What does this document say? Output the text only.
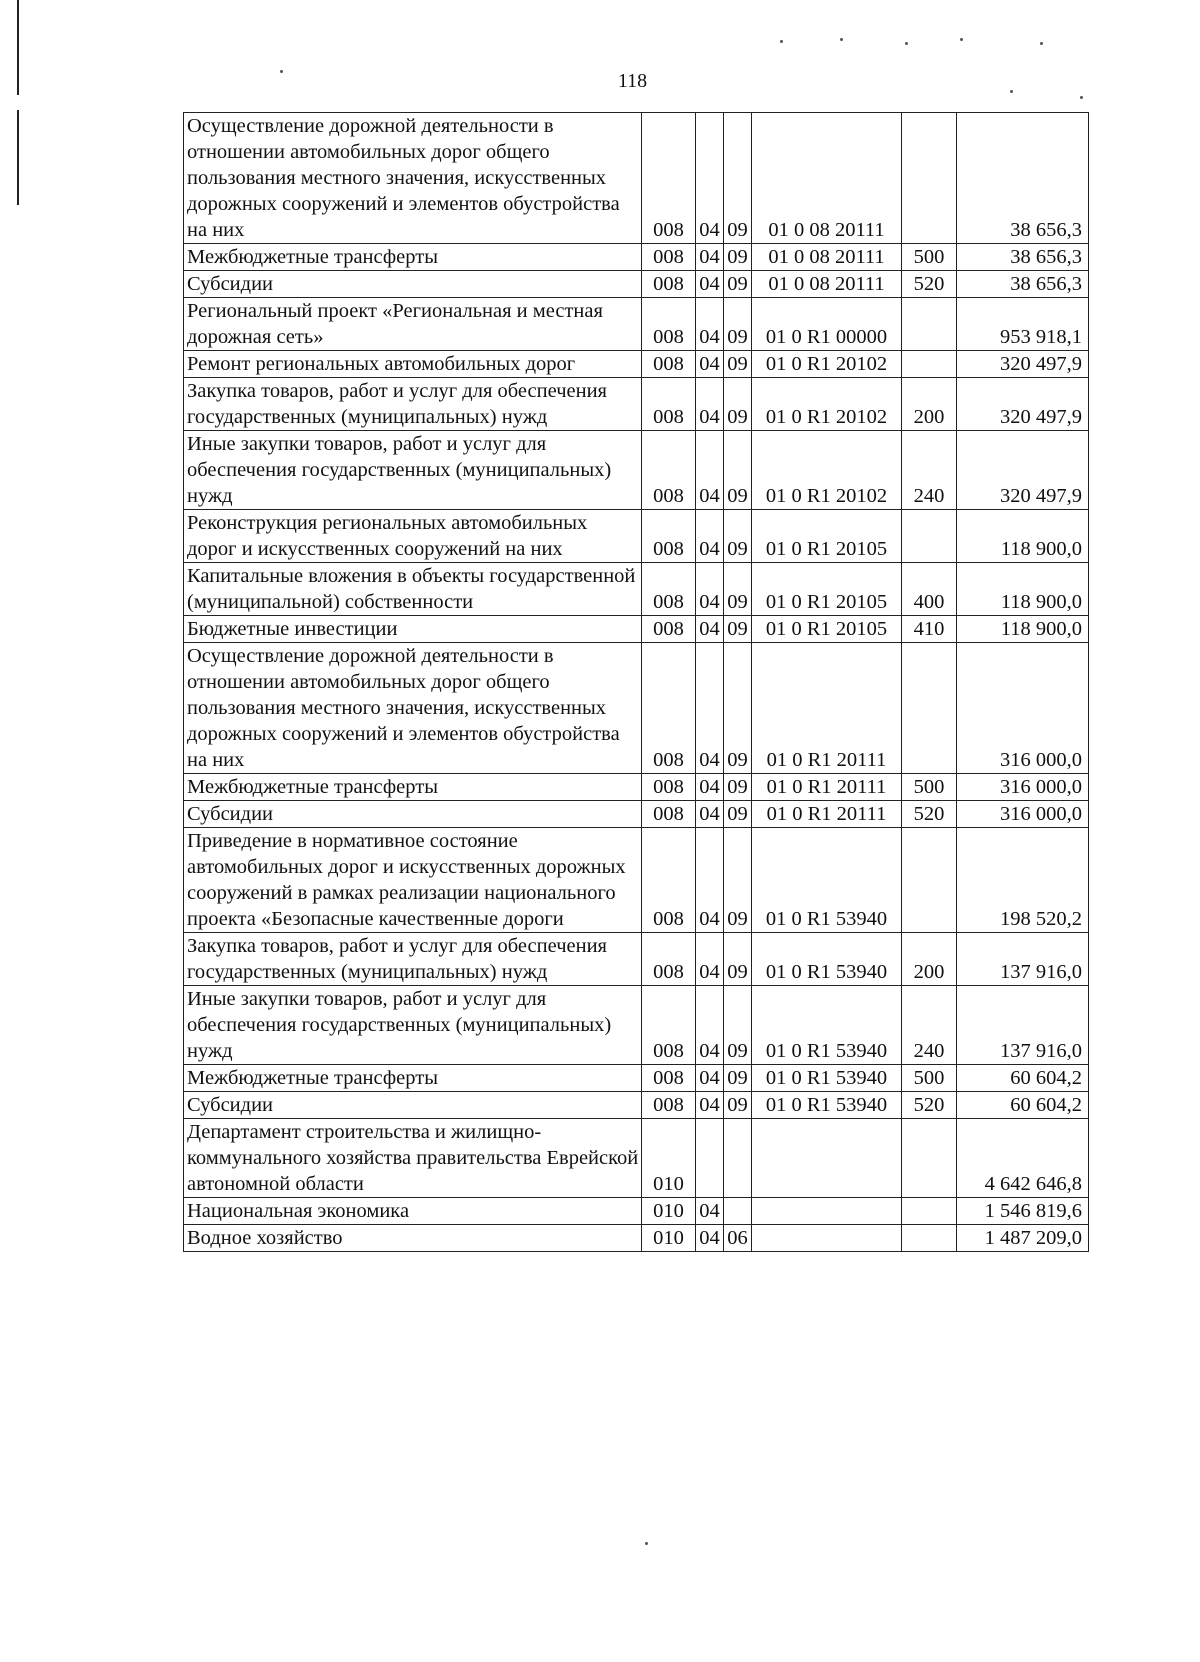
118
Осуществление дорожной деятельности в отношении автомобильных дорог общего пользования местного значения, искусственных дорожных сооружений и элементов обустройства на них	008	04	09	01 0 08 20111		38 656,3
Межбюджетные трансферты	008	04	09	01 0 08 20111	500	38 656,3
Субсидии	008	04	09	01 0 08 20111	520	38 656,3
Региональный проект «Региональная и местная дорожная сеть»	008	04	09	01 0 R1 00000		953 918,1
Ремонт региональных автомобильных дорог	008	04	09	01 0 R1 20102		320 497,9
Закупка товаров, работ и услуг для обеспечения государственных (муниципальных) нужд	008	04	09	01 0 R1 20102	200	320 497,9
Иные закупки товаров, работ и услуг для обеспечения государственных (муниципальных) нужд	008	04	09	01 0 R1 20102	240	320 497,9
Реконструкция региональных автомобильных дорог и искусственных сооружений на них	008	04	09	01 0 R1 20105		118 900,0
Капитальные вложения в объекты государственной (муниципальной) собственности	008	04	09	01 0 R1 20105	400	118 900,0
Бюджетные инвестиции	008	04	09	01 0 R1 20105	410	118 900,0
Осуществление дорожной деятельности в отношении автомобильных дорог общего пользования местного значения, искусственных дорожных сооружений и элементов обустройства на них	008	04	09	01 0 R1 20111		316 000,0
Межбюджетные трансферты	008	04	09	01 0 R1 20111	500	316 000,0
Субсидии	008	04	09	01 0 R1 20111	520	316 000,0
Приведение в нормативное состояние автомобильных дорог и искусственных дорожных сооружений в рамках реализации национального проекта «Безопасные качественные дороги	008	04	09	01 0 R1 53940		198 520,2
Закупка товаров, работ и услуг для обеспечения государственных (муниципальных) нужд	008	04	09	01 0 R1 53940	200	137 916,0
Иные закупки товаров, работ и услуг для обеспечения государственных (муниципальных) нужд	008	04	09	01 0 R1 53940	240	137 916,0
Межбюджетные трансферты	008	04	09	01 0 R1 53940	500	60 604,2
Субсидии	008	04	09	01 0 R1 53940	520	60 604,2
Департамент строительства и жилищно-коммунального хозяйства правительства Еврейской автономной области	010					4 642 646,8
Национальная экономика	010	04				1 546 819,6
Водное хозяйство	010	04	06			1 487 209,0
